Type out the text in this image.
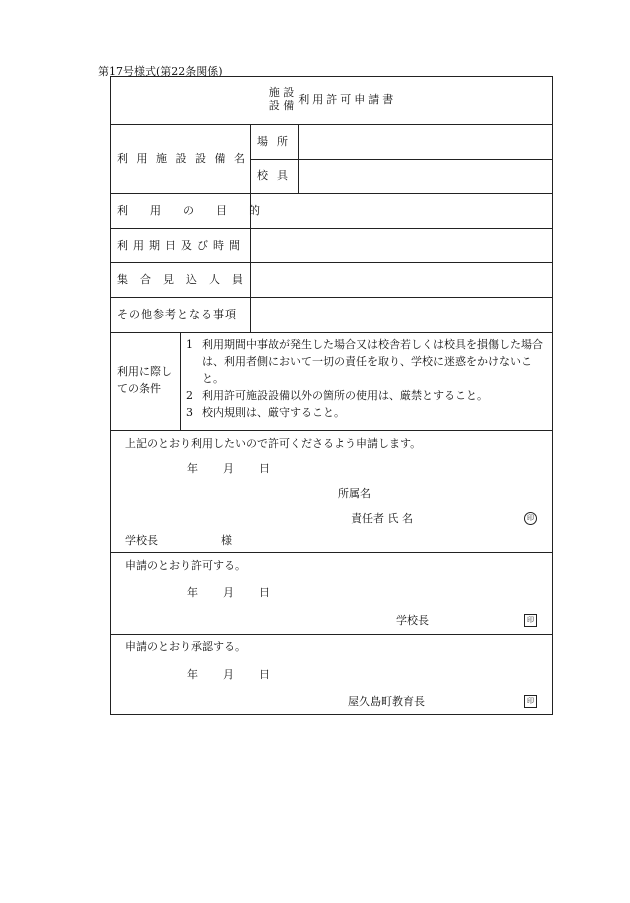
第17号様式(第22条関係)
施 設
設 備 利用許可申請書
利 用 施 設 設 備 名
場所
校具
利用の目的
利用期日及び時間
集合見込人員
その他参考となる事項
利用に際し
ての条件
1 利用期間中事故が発生した場合又は校舎若しくは校具を損傷した場合は、利用者側において一切の責任を取り、学校に迷惑をかけないこと。
2 利用許可施設設備以外の箇所の使用は、厳禁とすること。
3 校内規則は、厳守すること。
上記のとおり利用したいので許可くださるよう申請します。
年 月 日
所属名
責任者 氏 名	印
学校長	様
申請のとおり許可する。
年 月 日
学校長	印
申請のとおり承認する。
年 月 日
屋久島町教育長	印
